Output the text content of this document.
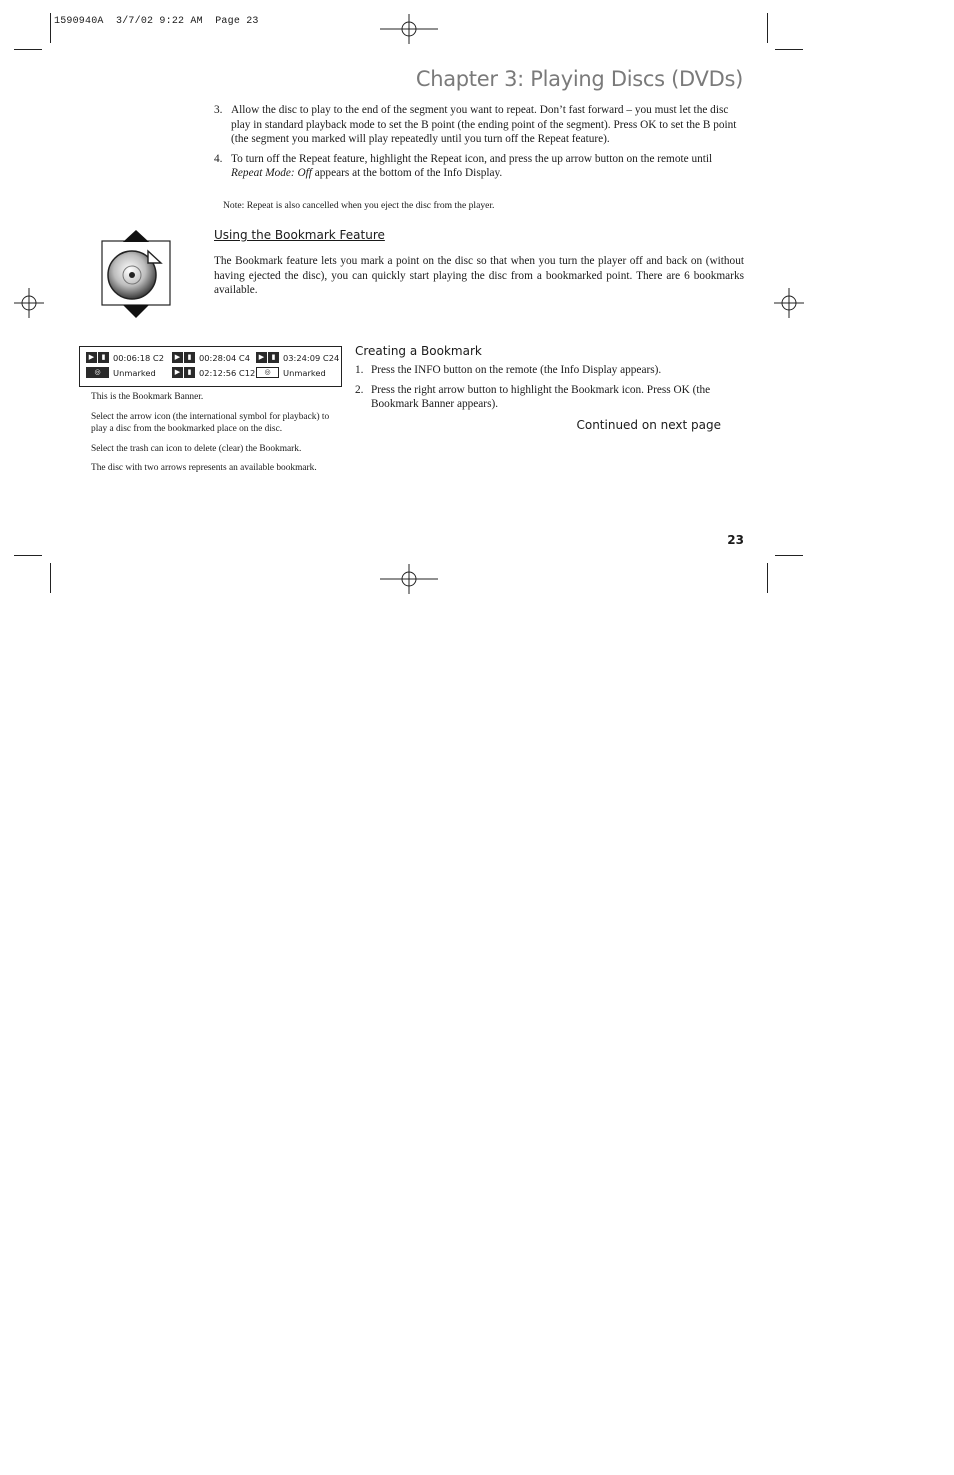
1590940A  3/7/02 9:22 AM  Page 23
Chapter 3: Playing Discs (DVDs)
3. Allow the disc to play to the end of the segment you want to repeat. Don’t fast forward – you must let the disc play in standard playback mode to set the B point (the ending point of the segment). Press OK to set the B point (the segment you marked will play repeatedly until you turn off the Repeat feature).
4. To turn off the Repeat feature, highlight the Repeat icon, and press the up arrow button on the remote until Repeat Mode: Off appears at the bottom of the Info Display.
Note: Repeat is also cancelled when you eject the disc from the player.
Using the Bookmark Feature
The Bookmark feature lets you mark a point on the disc so that when you turn the player off and back on (without having ejected the disc), you can quickly start playing the disc from a bookmarked point. There are 6 bookmarks available.
▶	▮ 00:06:18 C2	▶	▮ 00:28:04 C4	▶	▮ 03:24:09 C24
◎	Unmarked	▶	▮ 02:12:56 C12	◎	Unmarked

This is the Bookmark Banner.

Select the arrow icon (the international symbol for playback) to play a disc from the bookmarked place on the disc.

Select the trash can icon to delete (clear) the Bookmark.

The disc with two arrows represents an available bookmark.

Creating a Bookmark
1. Press the INFO button on the remote (the Info Display appears).
2. Press the right arrow button to highlight the Bookmark icon. Press OK (the Bookmark Banner appears).
Continued on next page
23
